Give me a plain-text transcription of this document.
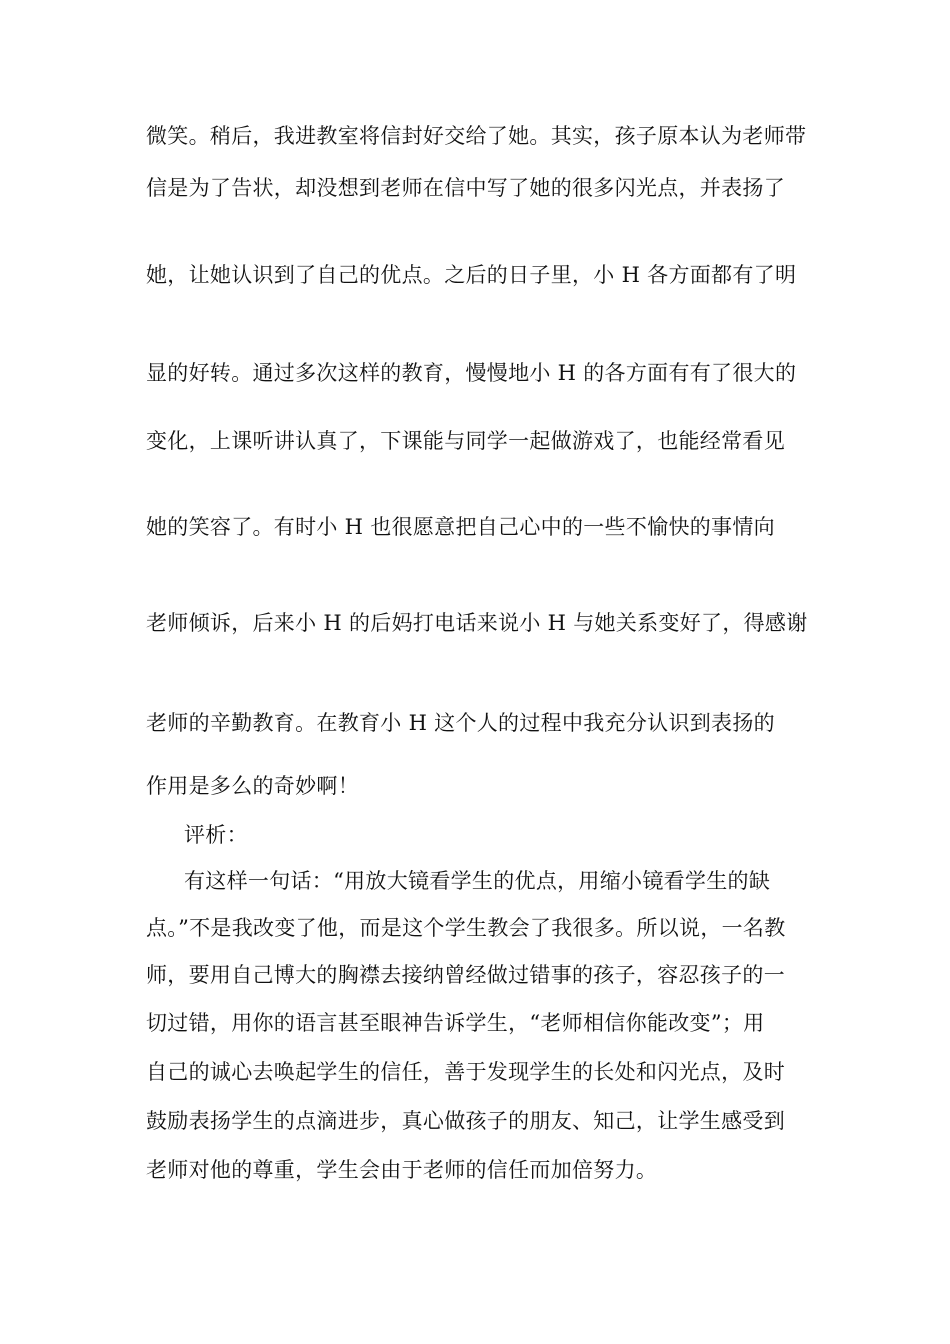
微笑。稍后，我进教室将信封好交给了她。其实，孩子原本认为老师带
信是为了告状，却没想到老师在信中写了她的很多闪光点，并表扬了
她，让她认识到了自己的优点。之后的日子里，小 H 各方面都有了明
显的好转。通过多次这样的教育，慢慢地小 H 的各方面有有了很大的
变化，上课听讲认真了，下课能与同学一起做游戏了，也能经常看见
她的笑容了。有时小 H 也很愿意把自己心中的一些不愉快的事情向
老师倾诉，后来小 H 的后妈打电话来说小 H 与她关系变好了，得感谢
老师的辛勤教育。在教育小 H 这个人的过程中我充分认识到表扬的
作用是多么的奇妙啊！
评析：
有这样一句话：“用放大镜看学生的优点，用缩小镜看学生的缺
点。”不是我改变了他，而是这个学生教会了我很多。所以说，一名教
师，要用自己博大的胸襟去接纳曾经做过错事的孩子，容忍孩子的一
切过错，用你的语言甚至眼神告诉学生，“老师相信你能改变”；用
自己的诚心去唤起学生的信任，善于发现学生的长处和闪光点，及时
鼓励表扬学生的点滴进步，真心做孩子的朋友、知己，让学生感受到
老师对他的尊重，学生会由于老师的信任而加倍努力。
